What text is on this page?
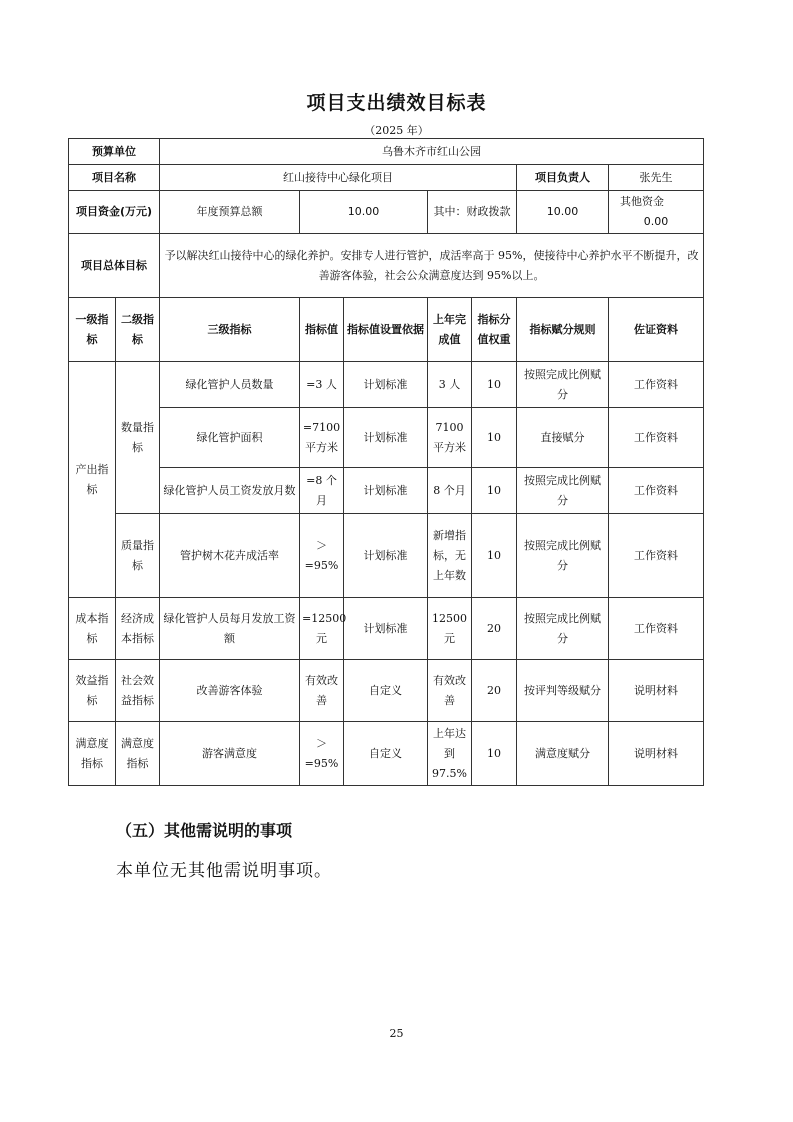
项目支出绩效目标表
（2025 年）
预算单位		乌鲁木齐市红山公园						
项目名称		红山接待中心绿化项目					项目负责人	张先生
项目资金(万元)		年度预算总额	10.00		其中：财政拨款		10.00	其他资金0.00
项目总体目标		予以解决红山接待中心的绿化养护。安排专人进行管护，成活率高于 95%，使接待中心养护水平不断提升，改善游客体验，社会公众满意度达到 95%以上。						
一级指标	二级指标	三级指标	指标值	指标值设置依据	上年完成值	指标分值权重	指标赋分规则	佐证资料
产出指标	数量指标	绿化管护人员数量	=3 人	计划标准	3 人	10	按照完成比例赋分	工作资料
		绿化管护面积	=7100 平方米	计划标准	7100 平方米	10	直接赋分	工作资料
		绿化管护人员工资发放月数	=8 个月	计划标准	8 个月	10	按照完成比例赋分	工作资料
	质量指标	管护树木花卉成活率	＞ =95%	计划标准	新增指标，无上年数	10	按照完成比例赋分	工作资料
成本指标	经济成本指标	绿化管护人员每月发放工资额	=12500 元	计划标准	12500 元	20	按照完成比例赋分	工作资料
效益指标	社会效益指标	改善游客体验	有效改善	自定义	有效改善	20	按评判等级赋分	说明材料
满意度指标	满意度指标	游客满意度	＞ =95%	自定义	上年达到 97.5%	10	满意度赋分	说明材料
（五）其他需说明的事项
本单位无其他需说明事项。
25
